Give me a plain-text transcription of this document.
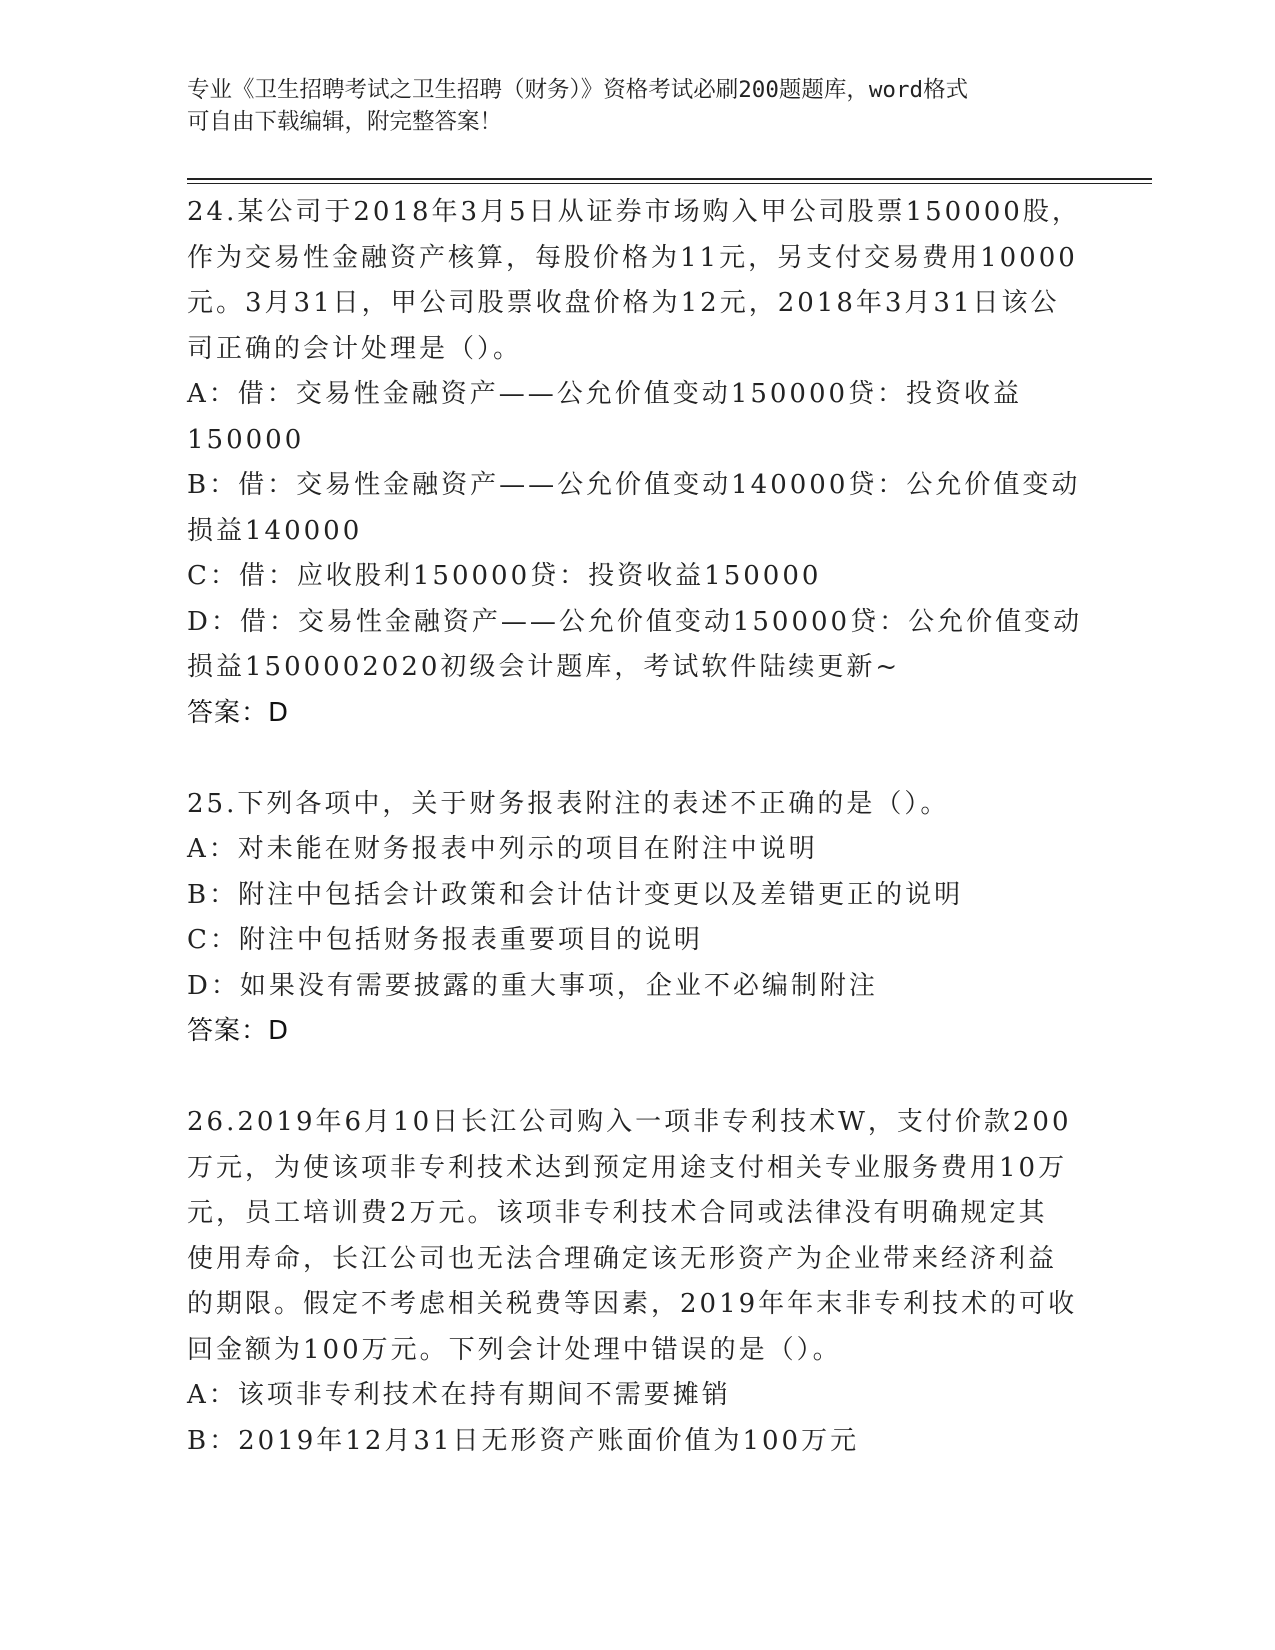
专业《卫生招聘考试之卫生招聘（财务）》资格考试必刷200题题库，word格式
可自由下载编辑，附完整答案！
24.某公司于2018年3月5日从证券市场购入甲公司股票150000股，
作为交易性金融资产核算，每股价格为11元，另支付交易费用10000
元。3月31日，甲公司股票收盘价格为12元，2018年3月31日该公
司正确的会计处理是（）。
A：借：交易性金融资产——公允价值变动150000贷：投资收益
150000
B：借：交易性金融资产——公允价值变动140000贷：公允价值变动
损益140000
C：借：应收股利150000贷：投资收益150000
D：借：交易性金融资产——公允价值变动150000贷：公允价值变动
损益1500002020初级会计题库，考试软件陆续更新~
答案：D
25.下列各项中，关于财务报表附注的表述不正确的是（）。
A：对未能在财务报表中列示的项目在附注中说明
B：附注中包括会计政策和会计估计变更以及差错更正的说明
C：附注中包括财务报表重要项目的说明
D：如果没有需要披露的重大事项，企业不必编制附注
答案：D
26.2019年6月10日长江公司购入一项非专利技术W，支付价款200
万元，为使该项非专利技术达到预定用途支付相关专业服务费用10万
元，员工培训费2万元。该项非专利技术合同或法律没有明确规定其
使用寿命，长江公司也无法合理确定该无形资产为企业带来经济利益
的期限。假定不考虑相关税费等因素，2019年年末非专利技术的可收
回金额为100万元。下列会计处理中错误的是（）。
A：该项非专利技术在持有期间不需要摊销
B：2019年12月31日无形资产账面价值为100万元
